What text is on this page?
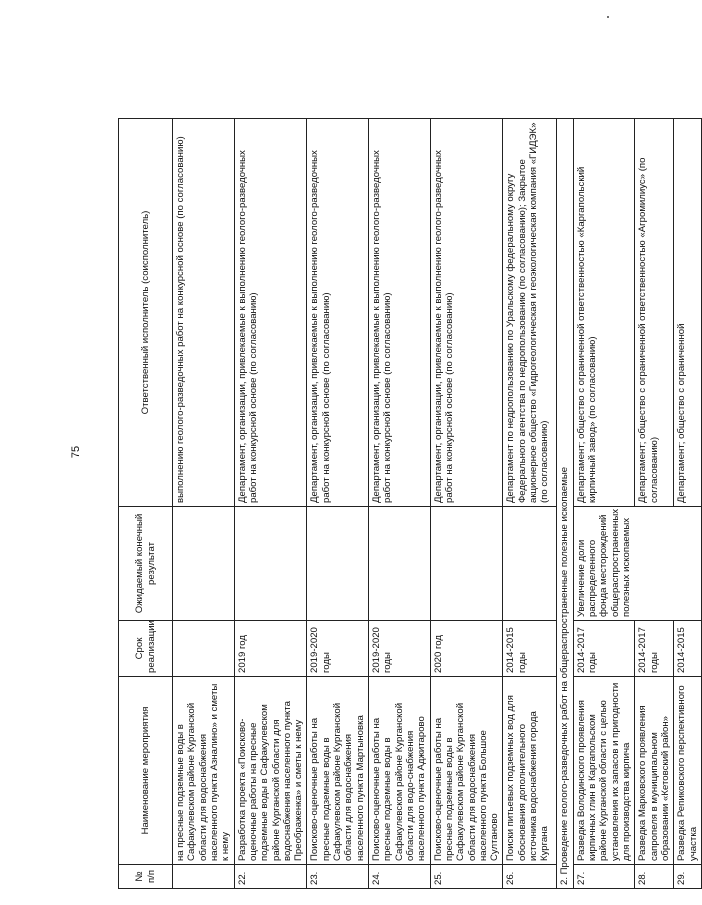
75
№ п/п	Наименование мероприятия	Срок реализации	Ожидаемый конечный результат	Ответственный исполнитель (соисполнитель)
	на пресные подземные воды в Сафакулевском районе Курганской области для водоснабжения населенного пункта Азналино» и сметы к нему			выполнению геолого-разведочных работ на конкурсной основе (по согласованию)
22.	Разработка проекта «Поисково-оценочные работы на пресные подземные воды в Сафакулевском районе Курганской области для водоснабжения населенного пункта Преображенка» и сметы к нему	2019 год		Департамент, организации, привлекаемые к выполнению геолого-разведочных работ на конкурсной основе (по согласованию)
23.	Поисково-оценочные работы на пресные подземные воды в Сафакулевском районе Курганской области для водоснабжения населенного пункта Мартыновка	2019-2020 годы		Департамент, организации, привлекаемые к выполнению геолого-разведочных работ на конкурсной основе (по согласованию)
24.	Поисково-оценочные работы на пресные подземные воды в Сафакулевском районе Курганской области для водо-снабжения населенного пункта Аджитарово	2019-2020 годы		Департамент, организации, привлекаемые к выполнению геолого-разведочных работ на конкурсной основе (по согласованию)
25.	Поисково-оценочные работы на пресные подземные воды в Сафакулевском районе Курганской области для водоснабжения населенного пункта Большое Султаново	2020 год		Департамент, организации, привлекаемые к выполнению геолого-разведочных работ на конкурсной основе (по согласованию)
26.	Поиски питьевых подземных вод для обоснования дополнительного источника водоснабжения города Кургана	2014-2015 годы		Департамент по недропользованию по Уральскому федеральному округу Федерального агентства по недропользованию (по согласованию); Закрытое акционерное общество «Гидрогеологическая и геоэкологическая компания «ГИДЭК» (по согласованию)
2. Проведение геолого-разведочных работ на общераспространенные полезные ископаемые				
27.	Разведка Володинского проявления кирпичных глин в Каргапольском районе Курганской области с целью установления их запасов и пригодности для производства кирпича	2014-2017 годы	Увеличение доли распределенного фонда месторождений общераспространенных полезных ископаемых	Департамент; общество с ограниченной ответственностью «Каргапольский кирпичный завод» (по согласованию)
28.	Разведка Марковского проявления сапропеля в муниципальном образовании «Кетовский район»	2014-2017 годы		Департамент; общество с ограниченной ответственностью «Агромилиус» (по согласованию)
29.	Разведка Репиковского перспективного участка	2014-2015		Департамент; общество с ограниченной
